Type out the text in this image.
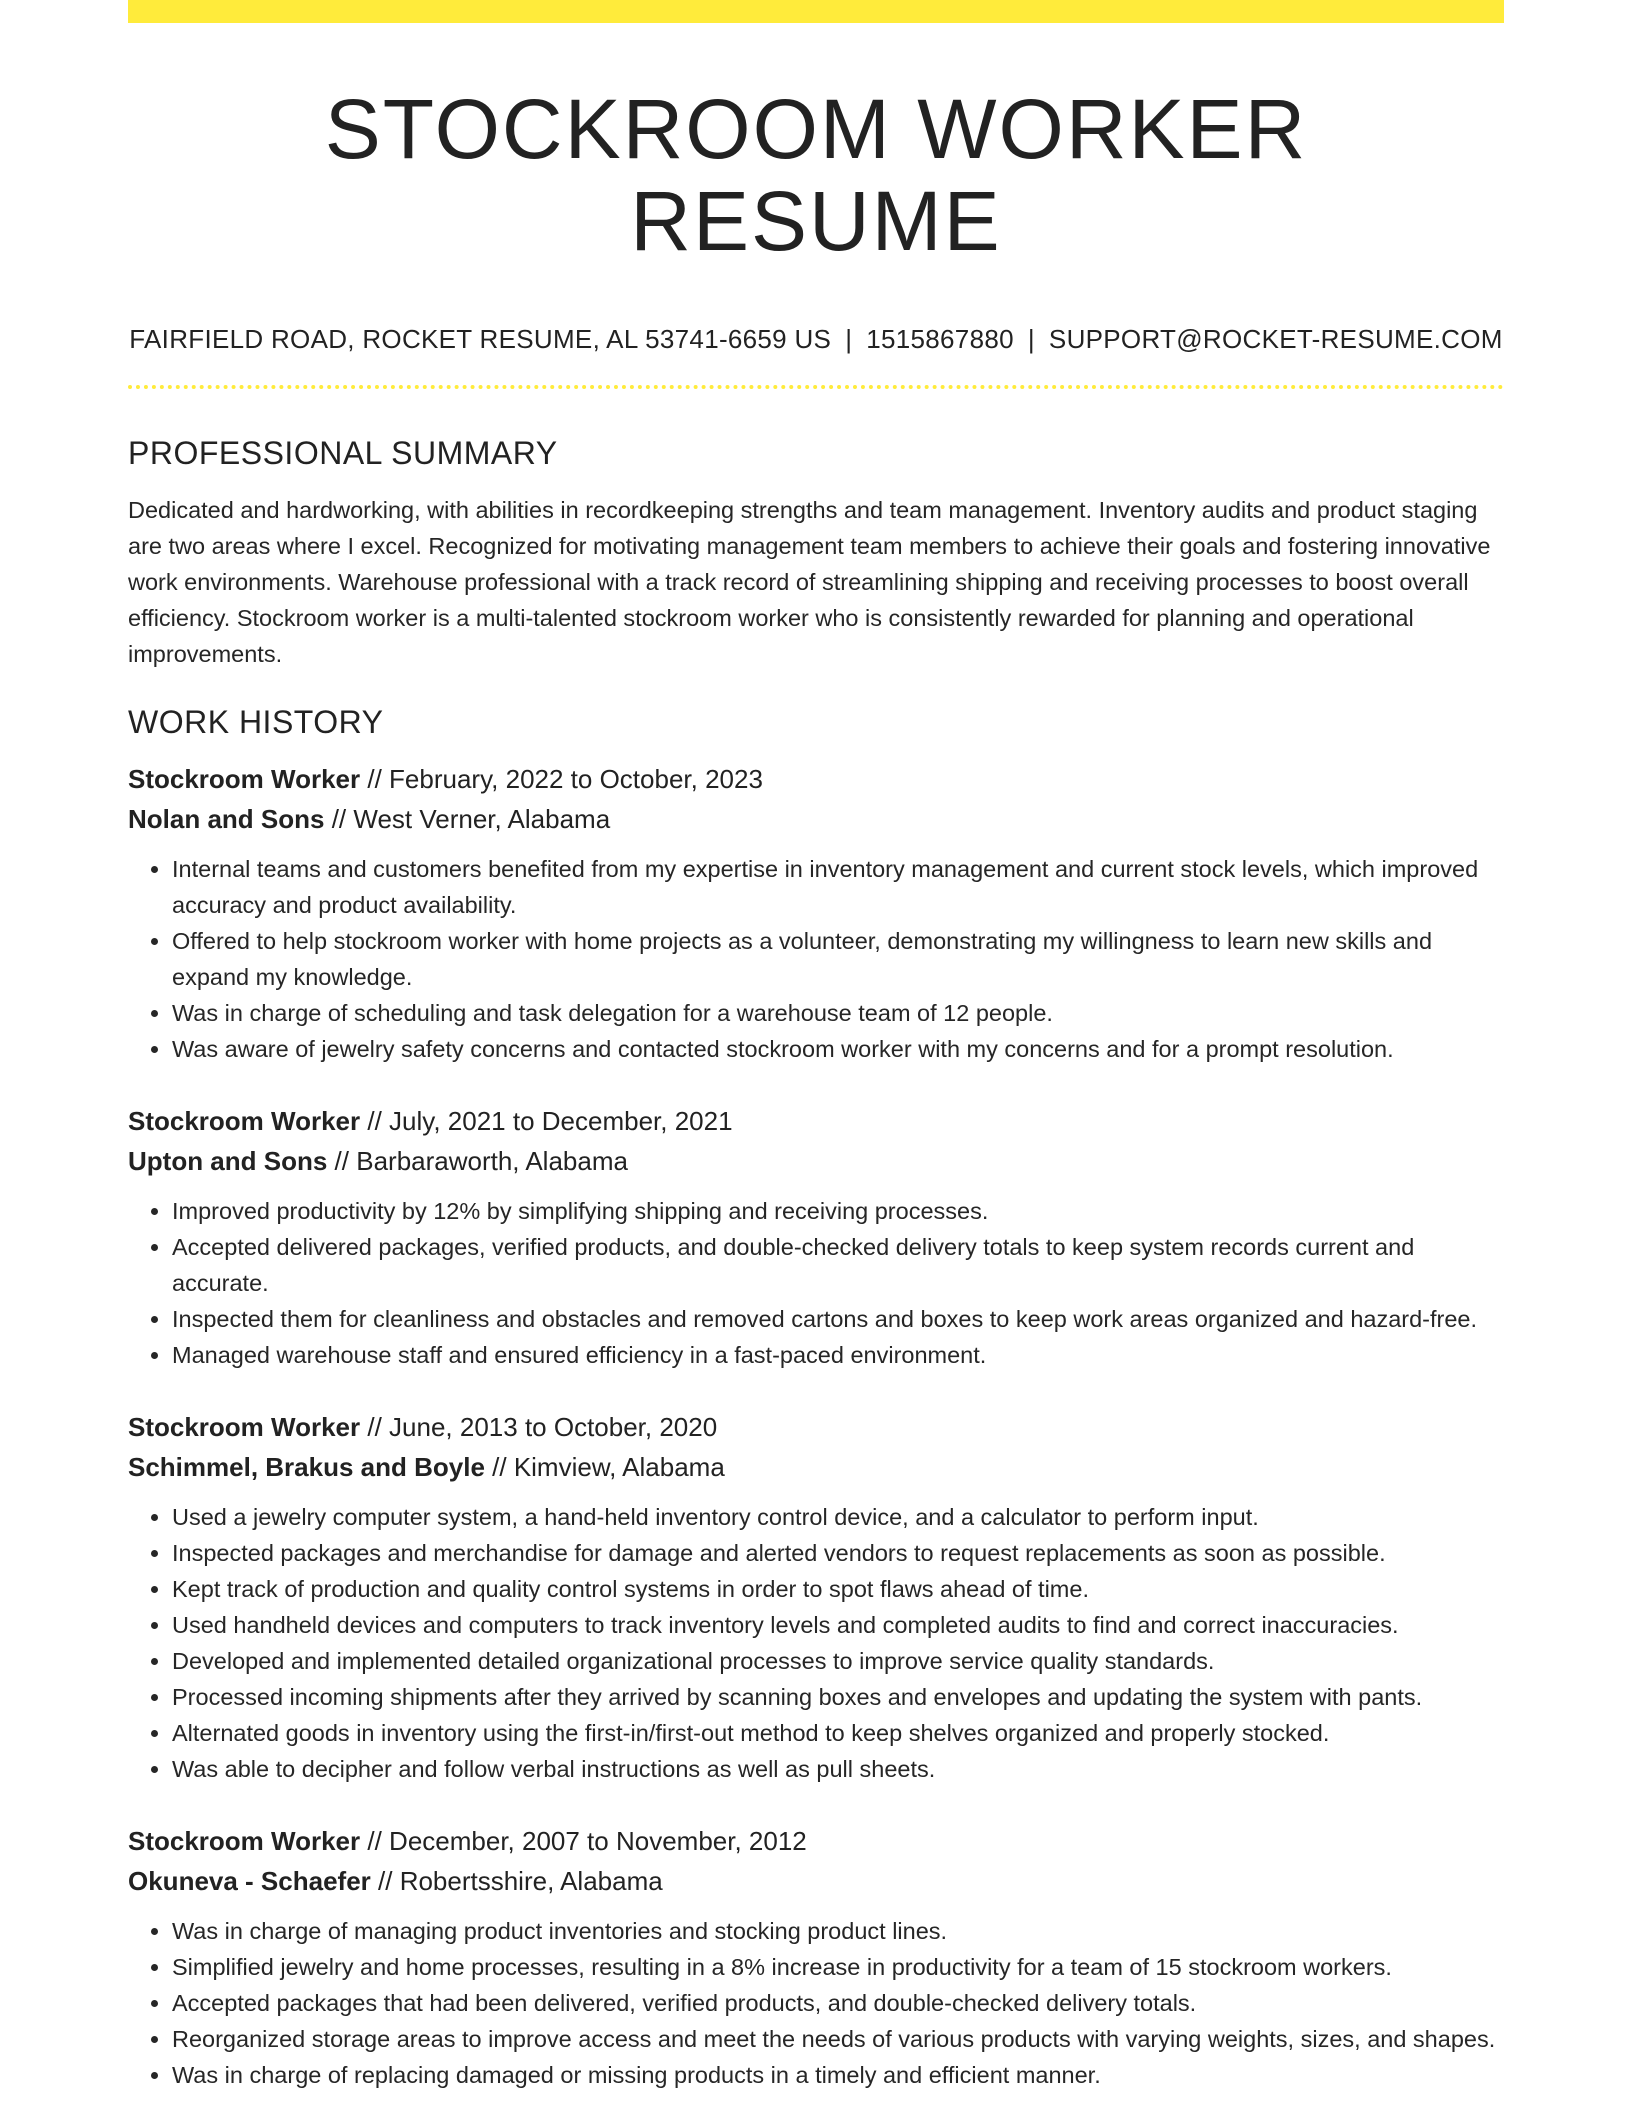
STOCKROOM WORKER RESUME
FAIRFIELD ROAD, ROCKET RESUME, AL 53741-6659 US | 1515867880 | SUPPORT@ROCKET-RESUME.COM
PROFESSIONAL SUMMARY

Dedicated and hardworking, with abilities in recordkeeping strengths and team management. Inventory audits and product staging are two areas where I excel. Recognized for motivating management team members to achieve their goals and fostering innovative work environments. Warehouse professional with a track record of streamlining shipping and receiving processes to boost overall efficiency. Stockroom worker is a multi-talented stockroom worker who is consistently rewarded for planning and operational improvements.

WORK HISTORY
Stockroom Worker // February, 2022 to October, 2023
Nolan and Sons // West Verner, Alabama
• Internal teams and customers benefited from my expertise in inventory management and current stock levels, which improved accuracy and product availability.
• Offered to help stockroom worker with home projects as a volunteer, demonstrating my willingness to learn new skills and expand my knowledge.
• Was in charge of scheduling and task delegation for a warehouse team of 12 people.
• Was aware of jewelry safety concerns and contacted stockroom worker with my concerns and for a prompt resolution.
Stockroom Worker // July, 2021 to December, 2021
Upton and Sons // Barbaraworth, Alabama
• Improved productivity by 12% by simplifying shipping and receiving processes.
• Accepted delivered packages, verified products, and double-checked delivery totals to keep system records current and accurate.
• Inspected them for cleanliness and obstacles and removed cartons and boxes to keep work areas organized and hazard-free.
• Managed warehouse staff and ensured efficiency in a fast-paced environment.
Stockroom Worker // June, 2013 to October, 2020
Schimmel, Brakus and Boyle // Kimview, Alabama
• Used a jewelry computer system, a hand-held inventory control device, and a calculator to perform input.
• Inspected packages and merchandise for damage and alerted vendors to request replacements as soon as possible.
• Kept track of production and quality control systems in order to spot flaws ahead of time.
• Used handheld devices and computers to track inventory levels and completed audits to find and correct inaccuracies.
• Developed and implemented detailed organizational processes to improve service quality standards.
• Processed incoming shipments after they arrived by scanning boxes and envelopes and updating the system with pants.
• Alternated goods in inventory using the first-in/first-out method to keep shelves organized and properly stocked.
• Was able to decipher and follow verbal instructions as well as pull sheets.
Stockroom Worker // December, 2007 to November, 2012
Okuneva - Schaefer // Robertsshire, Alabama
• Was in charge of managing product inventories and stocking product lines.
• Simplified jewelry and home processes, resulting in a 8% increase in productivity for a team of 15 stockroom workers.
• Accepted packages that had been delivered, verified products, and double-checked delivery totals.
• Reorganized storage areas to improve access and meet the needs of various products with varying weights, sizes, and shapes.
• Was in charge of replacing damaged or missing products in a timely and efficient manner.
